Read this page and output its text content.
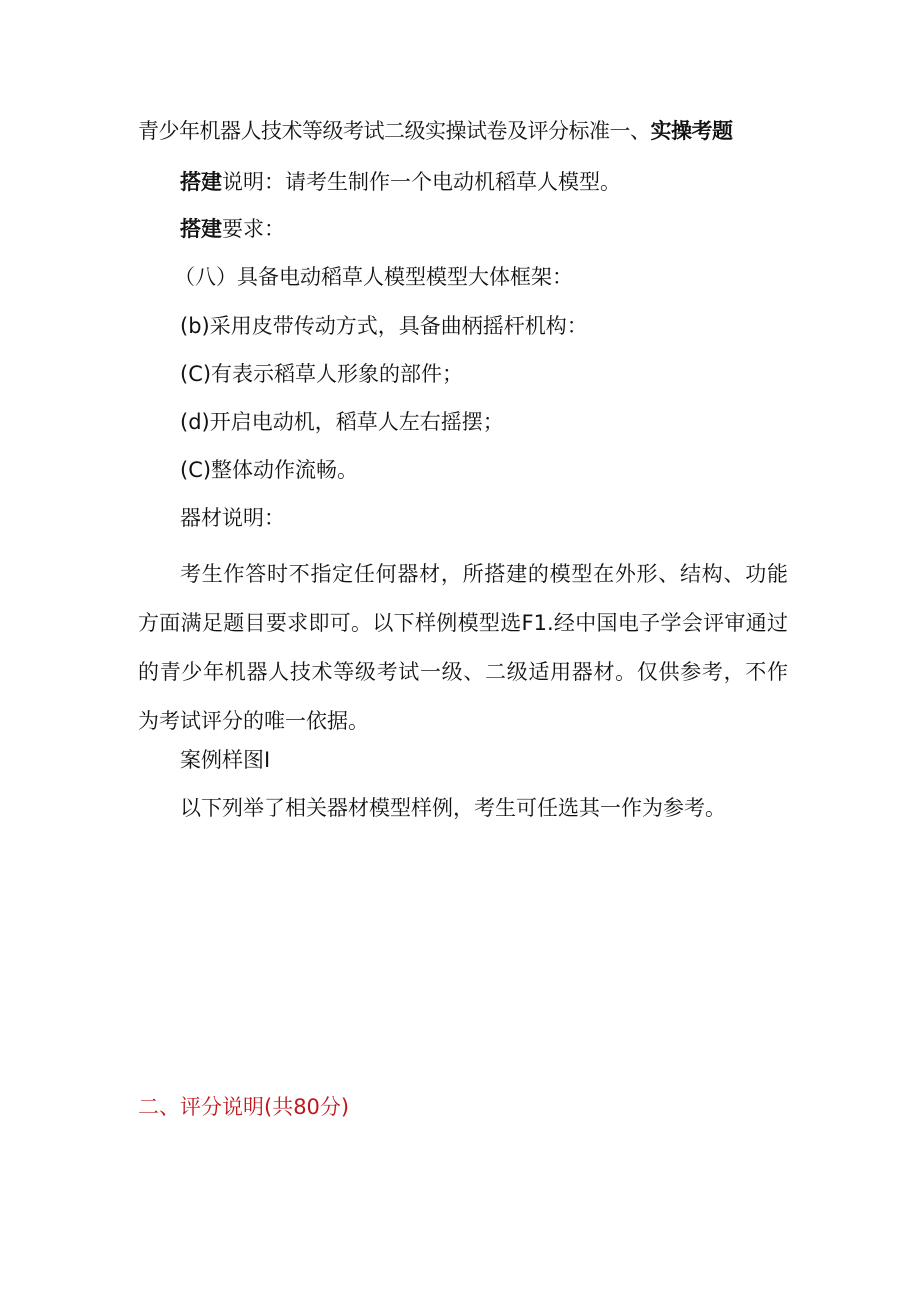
青少年机器人技术等级考试二级实操试卷及评分标准一、实操考题
搭建说明：请考生制作一个电动机稻草人模型。
搭建要求：
（八）具备电动稻草人模型模型大体框架：
(b)采用皮带传动方式，具备曲柄摇杆机构：
(C)有表示稻草人形象的部件；
(d)开启电动机，稻草人左右摇摆；
(C)整体动作流畅。
器材说明：
考生作答时不指定任何器材，所搭建的模型在外形、结构、功能方面满足题目要求即可。以下样例模型选F1.经中国电子学会评审通过的青少年机器人技术等级考试一级、二级适用器材。仅供参考，不作为考试评分的唯一依据。
案例样图I
以下列举了相关器材模型样例，考生可任选其一作为参考。
二、评分说明(共80分)
